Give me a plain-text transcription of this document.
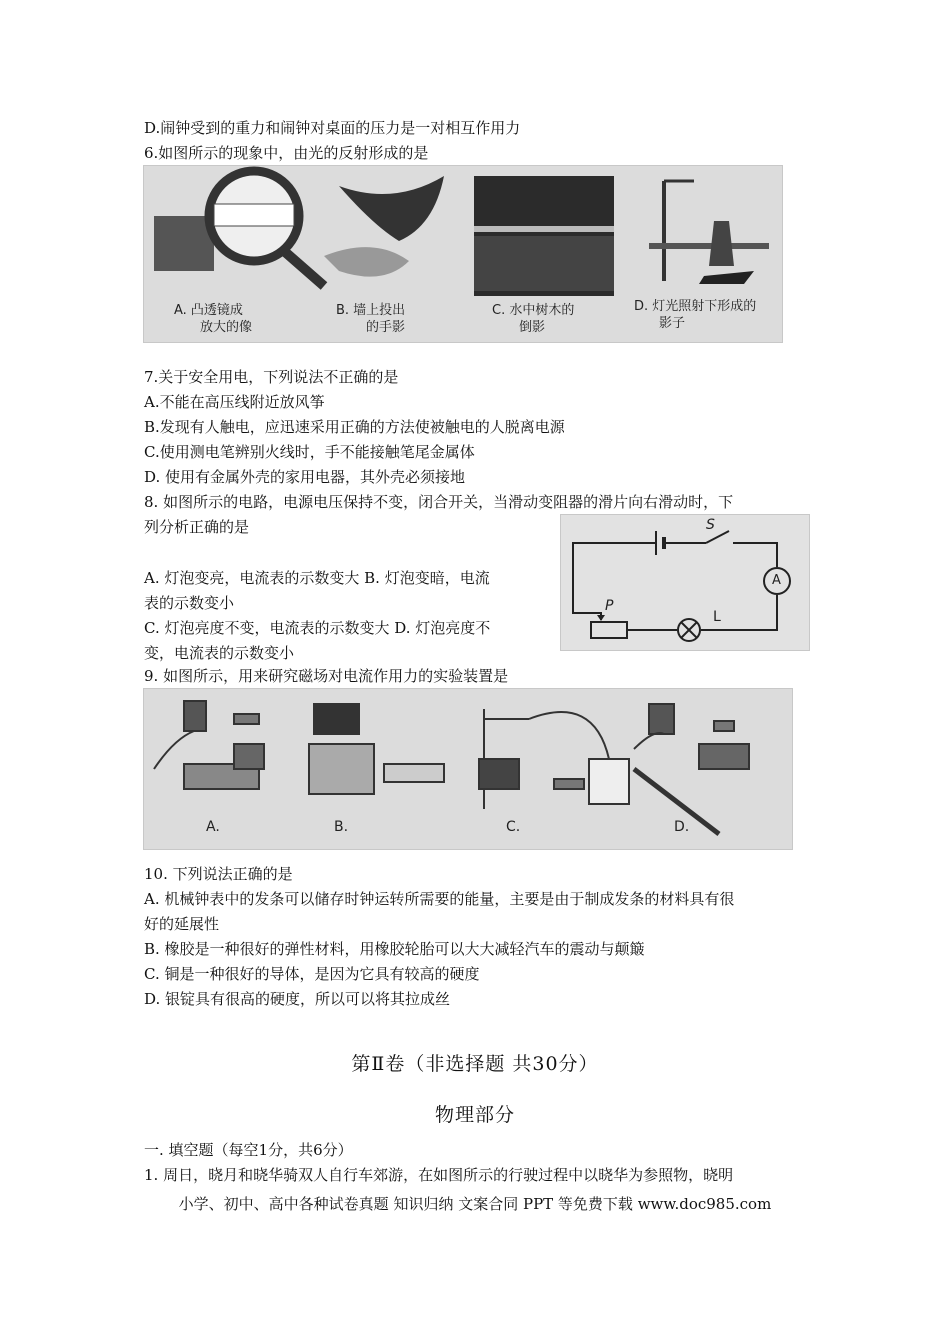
D.闹钟受到的重力和闹钟对桌面的压力是一对相互作用力
6.如图所示的现象中，由光的反射形成的是
A. 凸透镜成
放大的像
B. 墙上投出
的手影
C. 水中树木的
倒影
D. 灯光照射下形成的
影子
7.关于安全用电，下列说法不正确的是
A.不能在高压线附近放风筝
B.发现有人触电，应迅速采用正确的方法使被触电的人脱离电源
C.使用测电笔辨别火线时，手不能接触笔尾金属体
D. 使用有金属外壳的家用电器，其外壳必须接地
8. 如图所示的电路，电源电压保持不变，闭合开关，当滑动变阻器的滑片向右滑动时，下
列分析正确的是
A. 灯泡变亮，电流表的示数变大 B. 灯泡变暗，电流
表的示数变小
C. 灯泡亮度不变，电流表的示数变大 D. 灯泡亮度不
变，电流表的示数变小
S
A
P
L
9. 如图所示，用来研究磁场对电流作用力的实验装置是
A.	B.	C.	D.
10. 下列说法正确的是
A. 机械钟表中的发条可以储存时钟运转所需要的能量，主要是由于制成发条的材料具有很
好的延展性
B. 橡胶是一种很好的弹性材料，用橡胶轮胎可以大大减轻汽车的震动与颠簸
C. 铜是一种很好的导体，是因为它具有较高的硬度
D. 银锭具有很高的硬度，所以可以将其拉成丝
第Ⅱ卷（非选择题 共30分）
物理部分
一. 填空题（每空1分，共6分）
1. 周日，晓月和晓华骑双人自行车郊游，在如图所示的行驶过程中以晓华为参照物，晓明
小学、初中、高中各种试卷真题 知识归纳 文案合同 PPT 等免费下载 www.doc985.com
